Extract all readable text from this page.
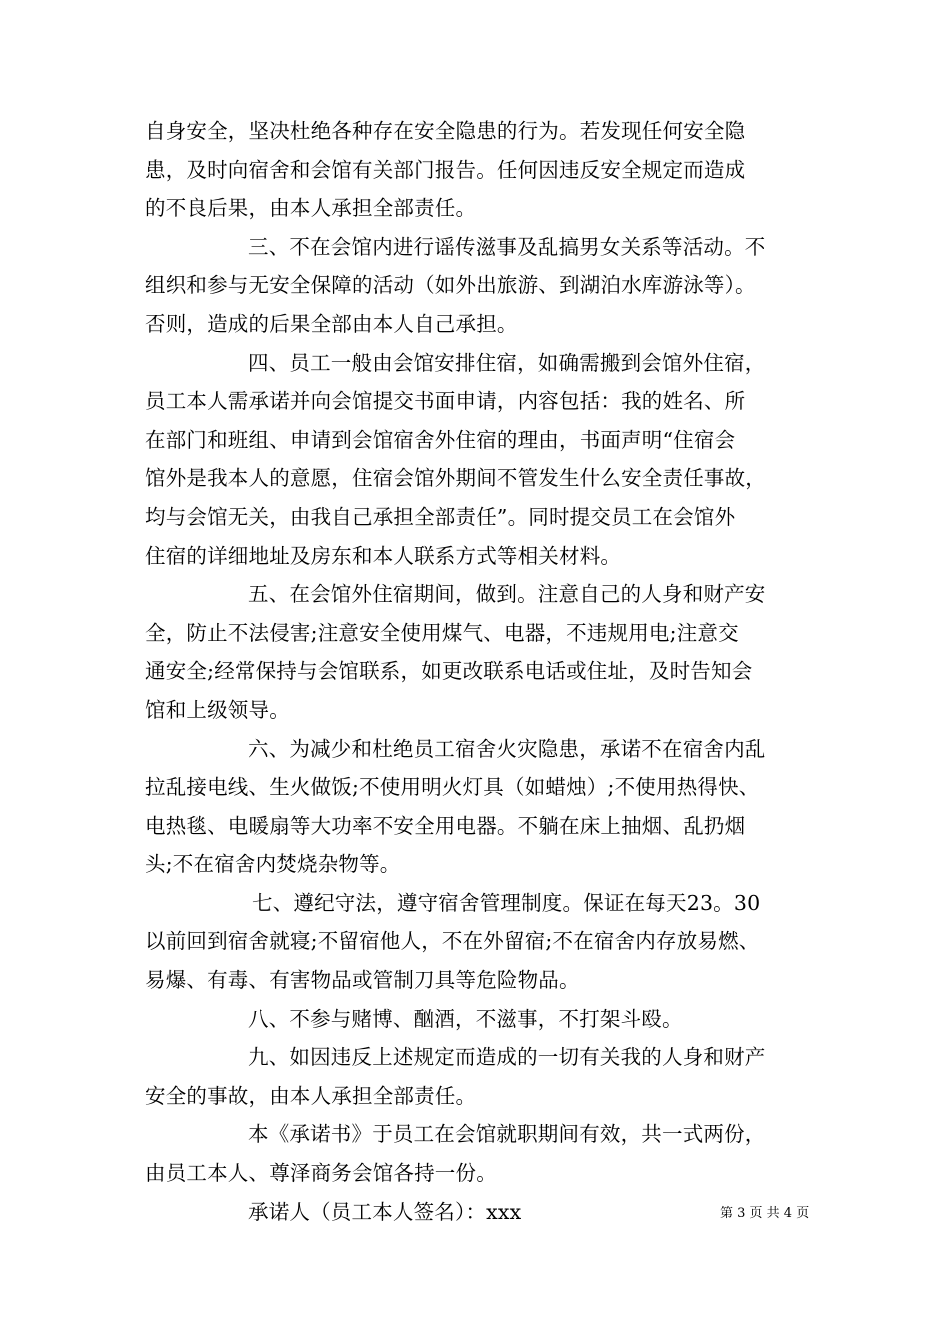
自身安全，坚决杜绝各种存在安全隐患的行为。若发现任何安全隐
患，及时向宿舍和会馆有关部门报告。任何因违反安全规定而造成
的不良后果，由本人承担全部责任。
三、不在会馆内进行谣传滋事及乱搞男女关系等活动。不
组织和参与无安全保障的活动（如外出旅游、到湖泊水库游泳等）。
否则，造成的后果全部由本人自己承担。
四、员工一般由会馆安排住宿，如确需搬到会馆外住宿，
员工本人需承诺并向会馆提交书面申请，内容包括：我的姓名、所
在部门和班组、申请到会馆宿舍外住宿的理由，书面声明“住宿会
馆外是我本人的意愿，住宿会馆外期间不管发生什么安全责任事故，
均与会馆无关，由我自己承担全部责任”。同时提交员工在会馆外
住宿的详细地址及房东和本人联系方式等相关材料。
五、在会馆外住宿期间，做到。注意自己的人身和财产安
全，防止不法侵害;注意安全使用煤气、电器，不违规用电;注意交
通安全;经常保持与会馆联系，如更改联系电话或住址，及时告知会
馆和上级领导。
六、为减少和杜绝员工宿舍火灾隐患，承诺不在宿舍内乱
拉乱接电线、生火做饭;不使用明火灯具（如蜡烛）;不使用热得快、
电热毯、电暖扇等大功率不安全用电器。不躺在床上抽烟、乱扔烟
头;不在宿舍内焚烧杂物等。
七、遵纪守法，遵守宿舍管理制度。保证在每天23。30
以前回到宿舍就寝;不留宿他人，不在外留宿;不在宿舍内存放易燃、
易爆、有毒、有害物品或管制刀具等危险物品。
八、不参与赌博、酗酒，不滋事，不打架斗殴。
九、如因违反上述规定而造成的一切有关我的人身和财产
安全的事故，由本人承担全部责任。
本《承诺书》于员工在会馆就职期间有效，共一式两份，
由员工本人、尊泽商务会馆各持一份。
承诺人（员工本人签名）：xxx	第 3 页 共 4 页
